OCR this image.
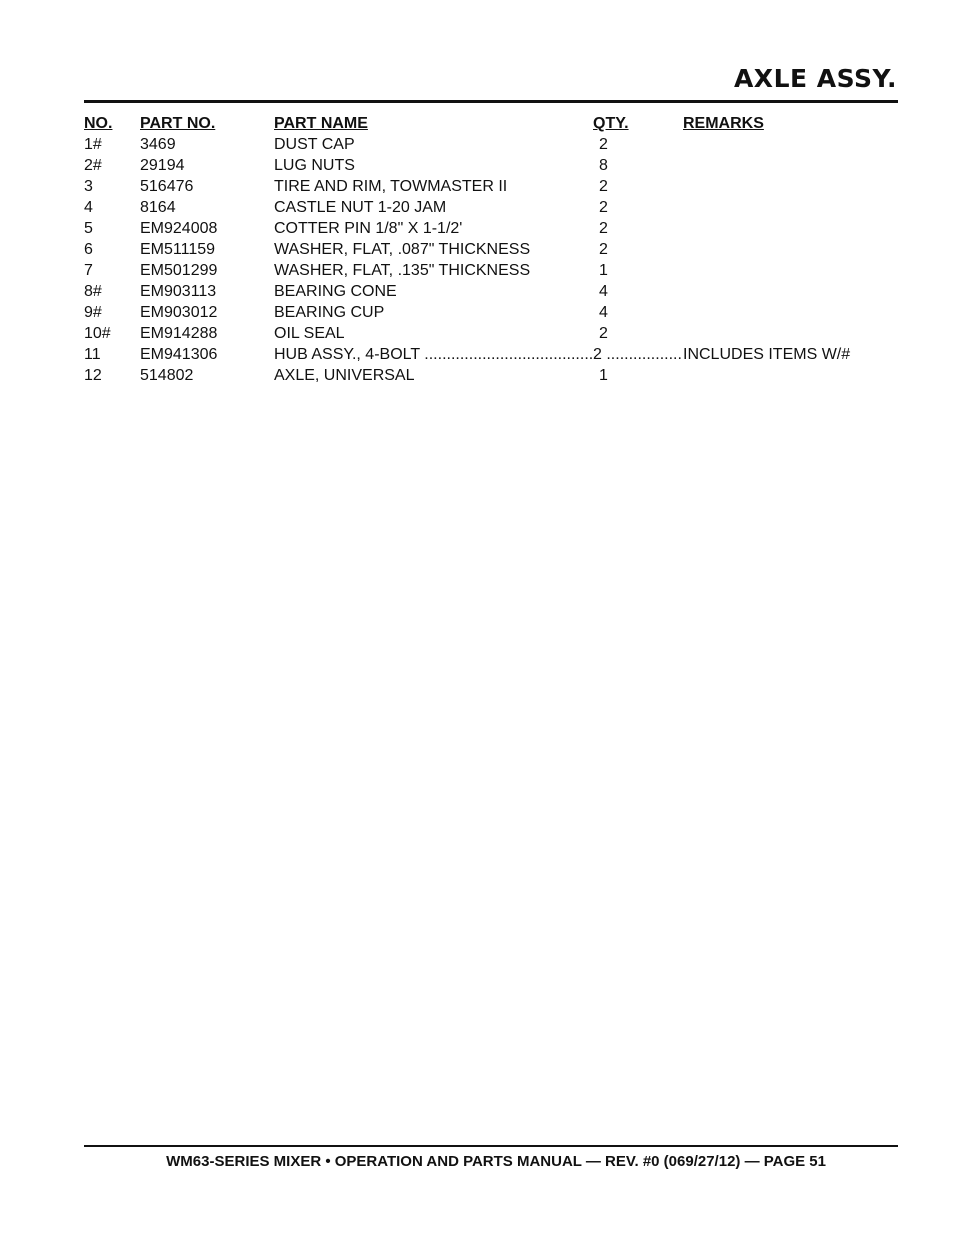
AXLE ASSY.
NO.	PART NO.	PART NAME	QTY.	REMARKS
1#	3469	DUST CAP	2
2#	29194	LUG NUTS	8
3	516476	TIRE AND RIM, TOWMASTER II	2
4	8164	CASTLE NUT 1-20 JAM	2
5	EM924008	COTTER PIN 1/8" X 1-1/2'	2
6	EM511159	WASHER, FLAT, .087" THICKNESS	2
7	EM501299	WASHER, FLAT, .135" THICKNESS	1
8#	EM903113	BEARING CONE	4
9#	EM903012	BEARING CUP	4
10#	EM914288	OIL SEAL	2
11	EM941306	HUB ASSY., 4-BOLT .....	2 .....	INCLUDES ITEMS W/#
12	514802	AXLE, UNIVERSAL	1
WM63-SERIES MIXER • OPERATION AND PARTS MANUAL — REV. #0 (069/27/12) — PAGE 51
